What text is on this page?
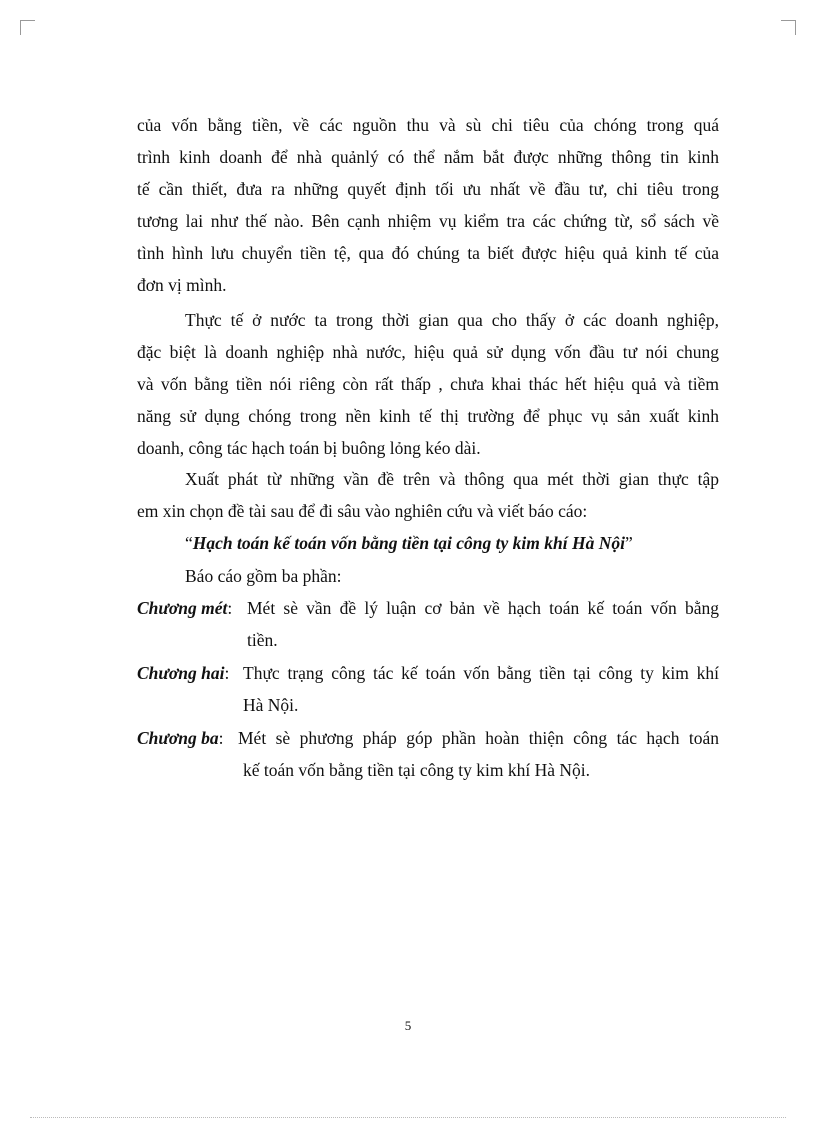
của vốn bằng tiền, về các nguồn thu và sù chi tiêu của chóng trong quá
trình kinh doanh để nhà quảnlý có thể nắm bắt được những thông tin kinh
tế cần thiết, đưa ra những quyết định tối ưu nhất về đầu tư, chi tiêu trong
tương lai như thế nào. Bên cạnh nhiệm vụ kiểm tra các chứng từ, sổ sách về
tình hình lưu chuyển tiền tệ, qua đó chúng ta biết được hiệu quả kinh tế của
đơn vị mình.
Thực tế ở nước ta trong thời gian qua cho thấy ở các doanh nghiệp,
đặc biệt là doanh nghiệp nhà nước, hiệu quả sử dụng vốn đầu tư nói chung
và vốn bằng tiền nói riêng còn rất thấp , chưa khai thác hết hiệu quả và tiềm
năng sử dụng chóng trong nền kinh tế thị trường để phục vụ sản xuất kinh
doanh, công tác hạch toán bị buông lỏng kéo dài.
Xuất phát từ những vần đề trên và thông qua mét thời gian thực tập
em xin chọn đề tài sau để đi sâu vào nghiên cứu và viết báo cáo:
“Hạch toán kế toán vốn bằng tiền tại công ty kim khí Hà Nội”
Báo cáo gồm ba phần:
Chương mét: Mét sè vần đề lý luận cơ bản về hạch toán kế toán vốn bằng
tiền.
Chương hai: Thực trạng công tác kế toán vốn bằng tiền tại công ty kim khí
Hà Nội.
Chương ba: Mét sè phương pháp góp phần hoàn thiện công tác hạch toán
kế toán vốn bằng tiền tại công ty kim khí Hà Nội.
5
